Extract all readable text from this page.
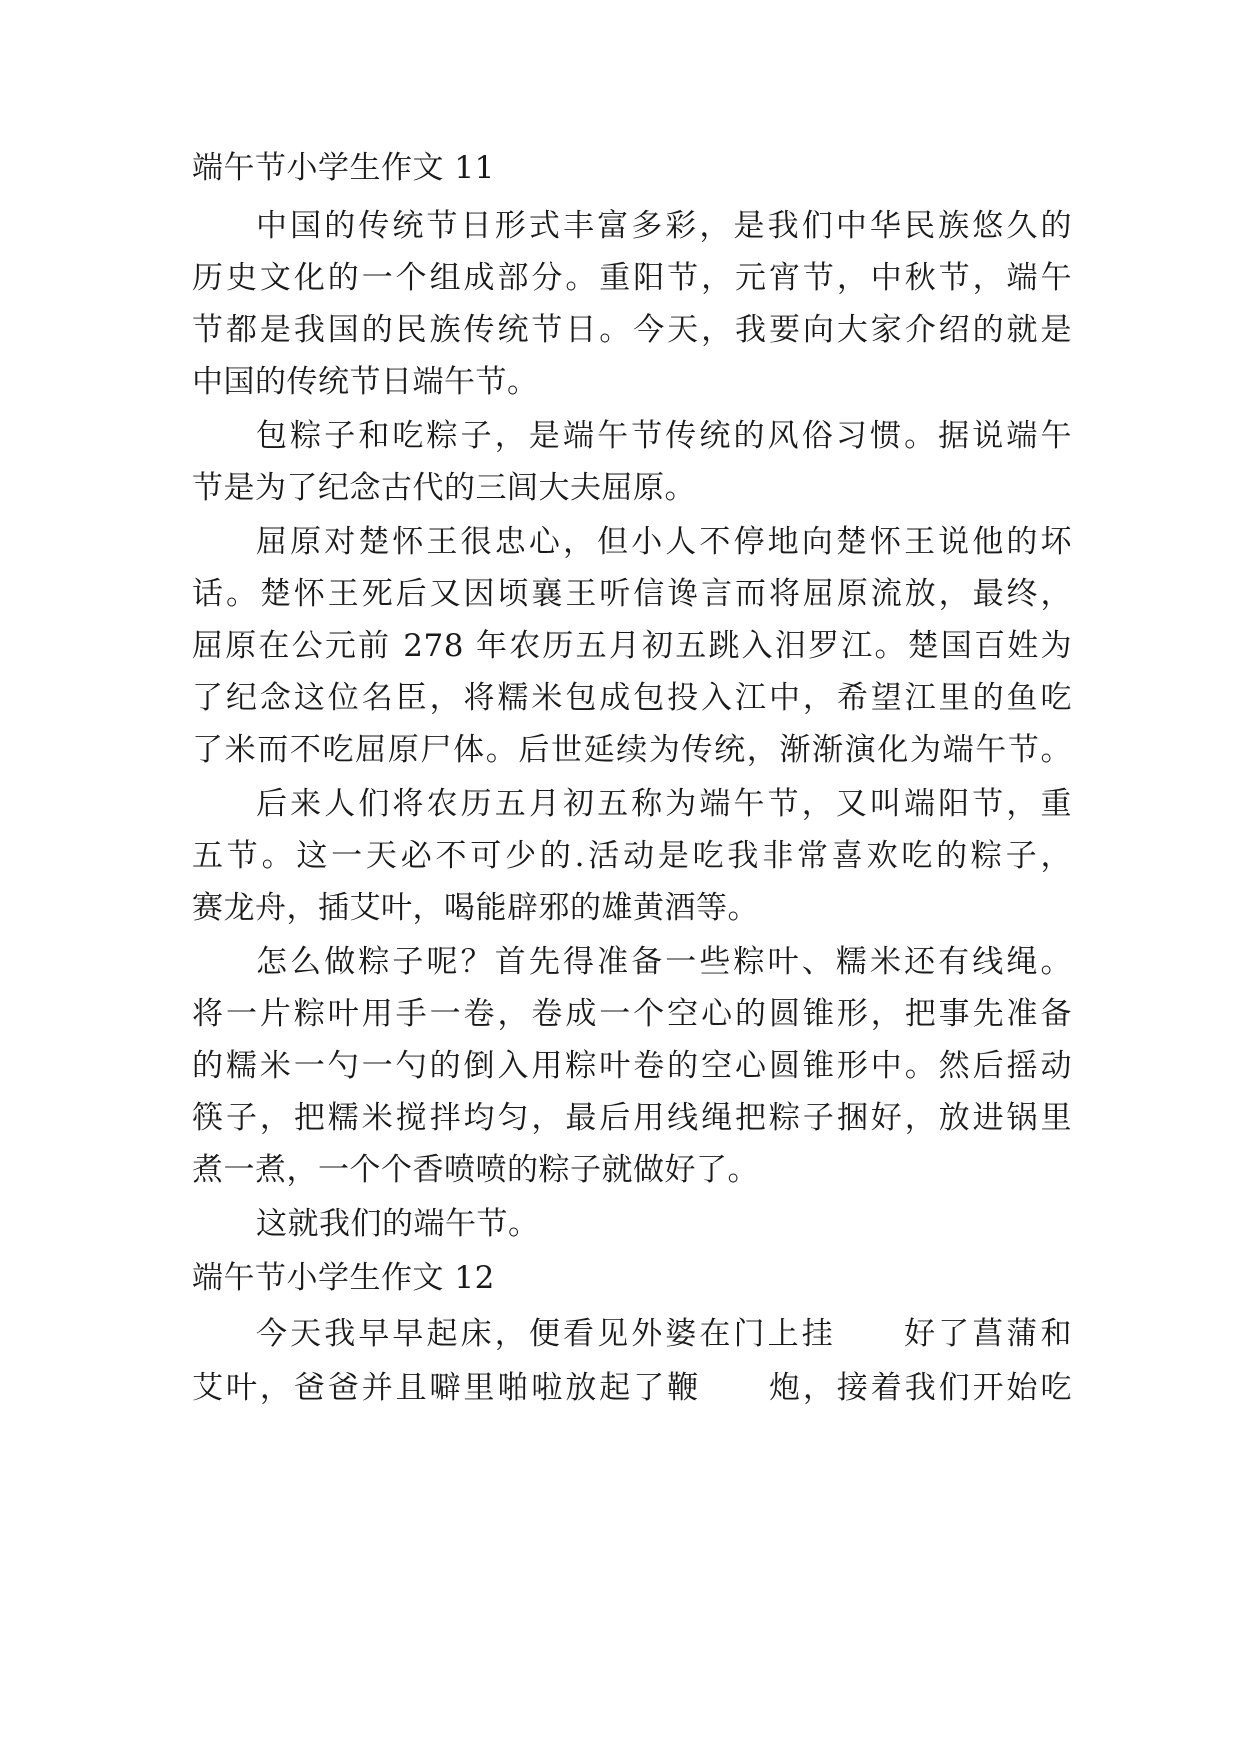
端午节小学生作文 11
中国的传统节日形式丰富多彩，是我们中华民族悠久的
历史文化的一个组成部分。重阳节，元宵节，中秋节，端午
节都是我国的民族传统节日。今天，我要向大家介绍的就是
中国的传统节日端午节。
包粽子和吃粽子，是端午节传统的风俗习惯。据说端午
节是为了纪念古代的三闾大夫屈原。
屈原对楚怀王很忠心，但小人不停地向楚怀王说他的坏
话。楚怀王死后又因顷襄王听信谗言而将屈原流放，最终，
屈原在公元前 278 年农历五月初五跳入汨罗江。楚国百姓为
了纪念这位名臣，将糯米包成包投入江中，希望江里的鱼吃
了米而不吃屈原尸体。后世延续为传统，渐渐演化为端午节。
后来人们将农历五月初五称为端午节，又叫端阳节，重
五节。这一天必不可少的.活动是吃我非常喜欢吃的粽子，
赛龙舟，插艾叶，喝能辟邪的雄黄酒等。
怎么做粽子呢？首先得准备一些粽叶、糯米还有线绳。
将一片粽叶用手一卷，卷成一个空心的圆锥形，把事先准备
的糯米一勺一勺的倒入用粽叶卷的空心圆锥形中。然后摇动
筷子，把糯米搅拌均匀，最后用线绳把粽子捆好，放进锅里
煮一煮，一个个香喷喷的粽子就做好了。
这就我们的端午节。
端午节小学生作文 12
今天我早早起床，便看见外婆在门上挂　　好了菖蒲和
艾叶，爸爸并且噼里啪啦放起了鞭　　炮，接着我们开始吃
